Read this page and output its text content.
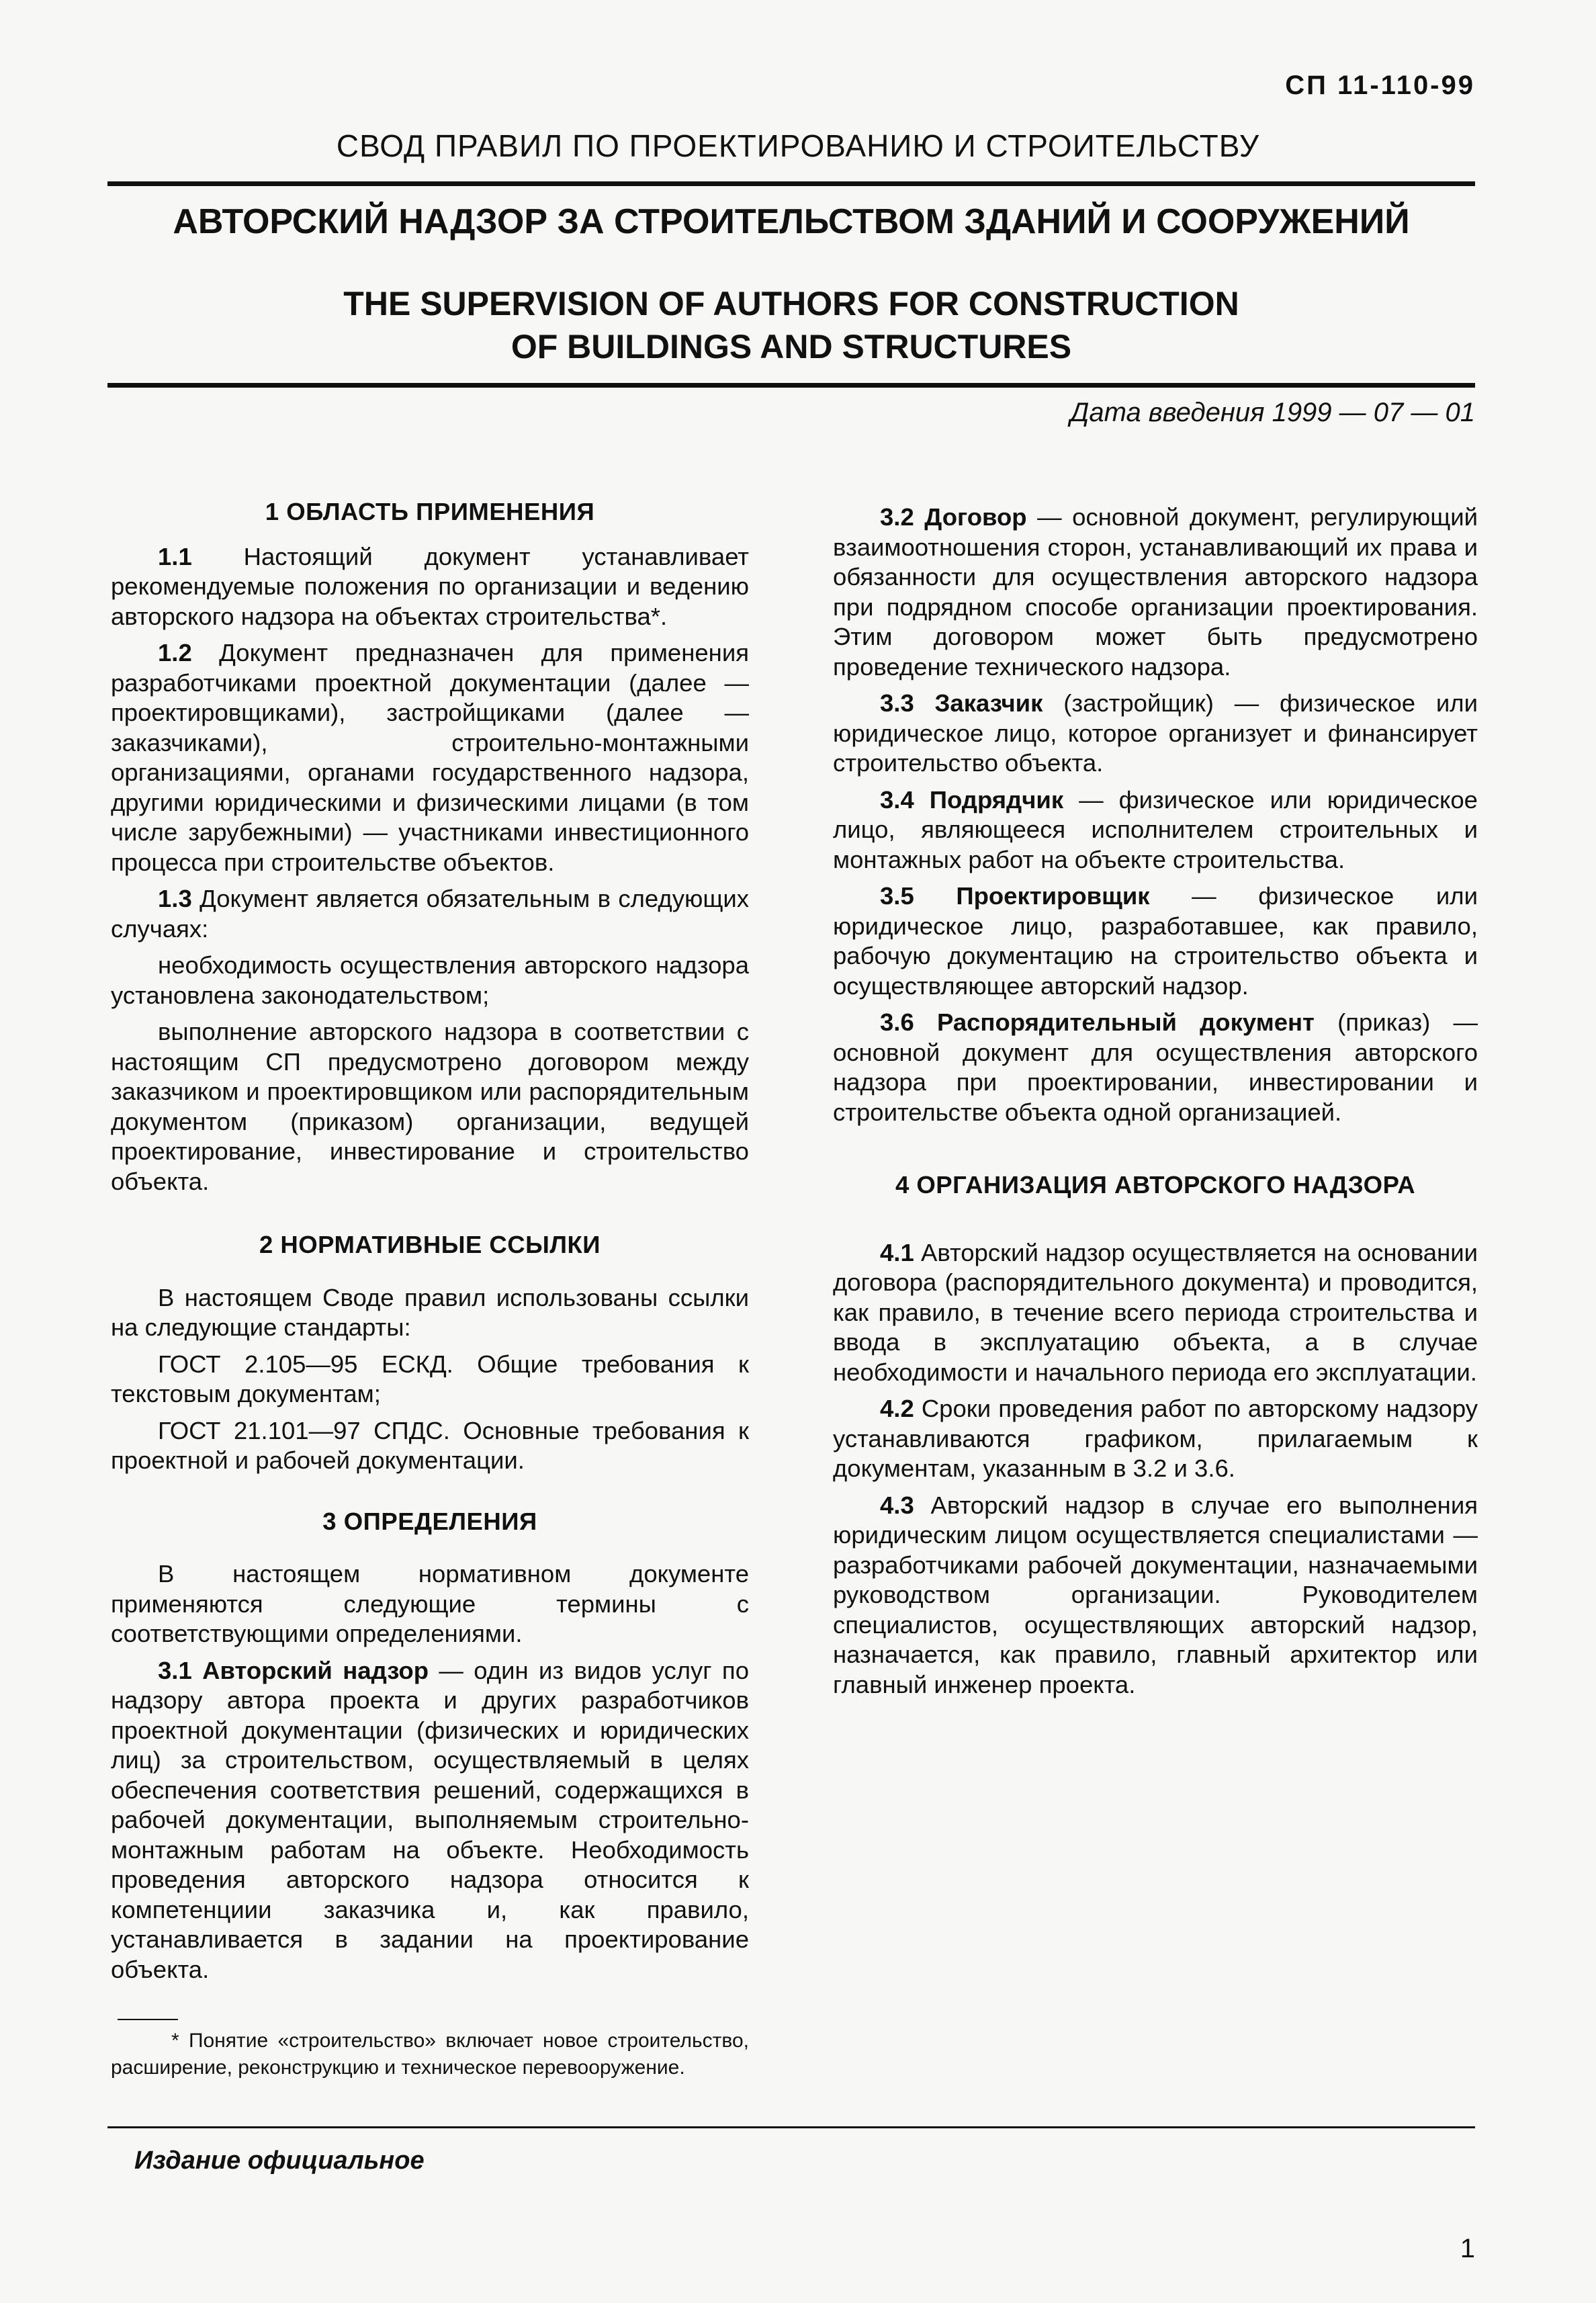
СП 11-110-99
СВОД ПРАВИЛ ПО ПРОЕКТИРОВАНИЮ И СТРОИТЕЛЬСТВУ
АВТОРСКИЙ НАДЗОР ЗА СТРОИТЕЛЬСТВОМ ЗДАНИЙ И СООРУЖЕНИЙ
THE SUPERVISION OF AUTHORS FOR CONSTRUCTION
OF BUILDINGS AND STRUCTURES
Дата введения 1999 — 07 — 01
1 ОБЛАСТЬ ПРИМЕНЕНИЯ

1.1 Настоящий документ устанавливает рекомендуемые положения по организации и ведению авторского надзора на объектах строительства*.

1.2 Документ предназначен для применения разработчиками проектной документации (далее — проектировщиками), застройщиками (далее — заказчиками), строительно-монтажными организациями, органами государственного надзора, другими юридическими и физическими лицами (в том числе зарубежными) — участниками инвестиционного процесса при строительстве объектов.

1.3 Документ является обязательным в следующих случаях:

необходимость осуществления авторского надзора установлена законодательством;

выполнение авторского надзора в соответствии с настоящим СП предусмотрено договором между заказчиком и проектировщиком или распорядительным документом (приказом) организации, ведущей проектирование, инвестирование и строительство объекта.

2 НОРМАТИВНЫЕ ССЫЛКИ

В настоящем Своде правил использованы ссылки на следующие стандарты:

ГОСТ 2.105—95 ЕСКД. Общие требования к текстовым документам;

ГОСТ 21.101—97 СПДС. Основные требования к проектной и рабочей документации.

3 ОПРЕДЕЛЕНИЯ

В настоящем нормативном документе применяются следующие термины с соответствующими определениями.

3.1 Авторский надзор — один из видов услуг по надзору автора проекта и других разработчиков проектной документации (физических и юридических лиц) за строительством, осуществляемый в целях обеспечения соответствия решений, содержащихся в рабочей документации, выполняемым строительно-монтажным работам на объекте. Необходимость проведения авторского надзора относится к компетенциии заказчика и, как правило, устанавливается в задании на проектирование объекта.

* Понятие «строительство» включает новое строительство, расширение, реконструкцию и техническое перевооружение.

3.2 Договор — основной документ, регулирующий взаимоотношения сторон, устанавливающий их права и обязанности для осуществления авторского надзора при подрядном способе организации проектирования. Этим договором может быть предусмотрено проведение технического надзора.

3.3 Заказчик (застройщик) — физическое или юридическое лицо, которое организует и финансирует строительство объекта.

3.4 Подрядчик — физическое или юридическое лицо, являющееся исполнителем строительных и монтажных работ на объекте строительства.

3.5 Проектировщик — физическое или юридическое лицо, разработавшее, как правило, рабочую документацию на строительство объекта и осуществляющее авторский надзор.

3.6 Распорядительный документ (приказ) — основной документ для осуществления авторского надзора при проектировании, инвестировании и строительстве объекта одной организацией.

4 ОРГАНИЗАЦИЯ АВТОРСКОГО НАДЗОРА

4.1 Авторский надзор осуществляется на основании договора (распорядительного документа) и проводится, как правило, в течение всего периода строительства и ввода в эксплуатацию объекта, а в случае необходимости и начального периода его эксплуатации.

4.2 Сроки проведения работ по авторскому надзору устанавливаются графиком, прилагаемым к документам, указанным в 3.2 и 3.6.

4.3 Авторский надзор в случае его выполнения юридическим лицом осуществляется специалистами — разработчиками рабочей документации, назначаемыми руководством организации. Руководителем специалистов, осуществляющих авторский надзор, назначается, как правило, главный архитектор или главный инженер проекта.

Издание официальное
1
